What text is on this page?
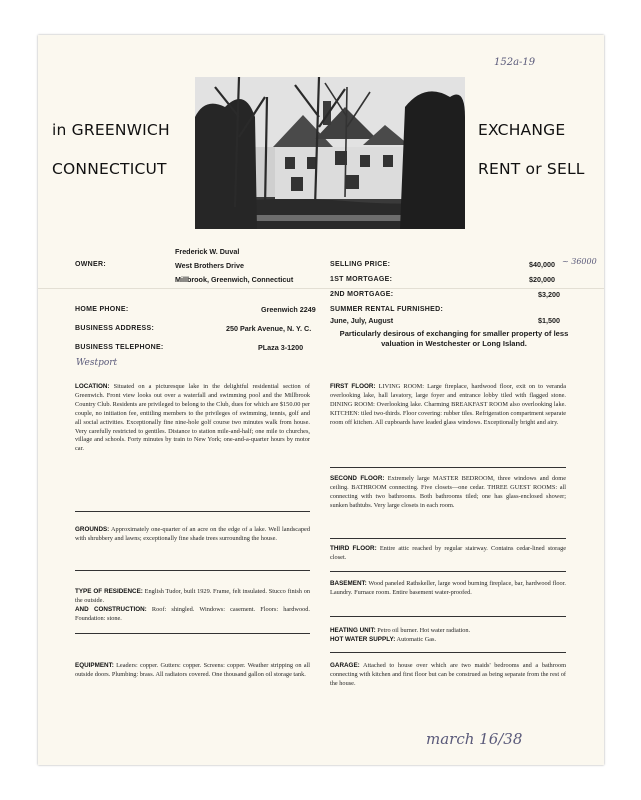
in GREENWICH
CONNECTICUT
EXCHANGE
RENT or SELL
152a-19
OWNER:
Frederick W. Duval
West Brothers Drive
Millbrook, Greenwich, Connecticut
HOME PHONE:	Greenwich 2249
BUSINESS ADDRESS:	250 Park Avenue, N. Y. C.
BUSINESS TELEPHONE:	PLaza 3-1200
Westport
SELLING PRICE:	$40,000 ~ 36000
1ST MORTGAGE:	$20,000
2ND MORTGAGE:	$3,200
SUMMER RENTAL FURNISHED:
June, July, August	$1,500
Particularly desirous of exchanging for smaller property of less valuation in Westchester or Long Island.
LOCATION: Situated on a picturesque lake in the delightful residential section of Greenwich. Front view looks out over a waterfall and swimming pool and the Millbrook Country Club. Residents are privileged to belong to the Club, dues for which are $150.00 per couple, no initiation fee, entitling members to the privileges of swimming, tennis, golf and all social activities. Exceptionally fine nine-hole golf course two minutes walk from house. Very carefully restricted to gentiles. Distance to station mile-and-half; one mile to churches, village and schools. Forty minutes by train to New York; one-and-a-quarter hours by motor car.
GROUNDS: Approximately one-quarter of an acre on the edge of a lake. Well landscaped with shrubbery and lawns; exceptionally fine shade trees surrounding the house.
TYPE OF RESIDENCE: English Tudor, built 1929. Frame, felt insulated. Stucco finish on the outside.
AND CONSTRUCTION: Roof: shingled. Windows: casement. Floors: hardwood. Foundation: stone.
EQUIPMENT: Leaders: copper. Gutters: copper. Screens: copper. Weather stripping on all outside doors. Plumbing: brass. All radiators covered. One thousand gallon oil storage tank.
FIRST FLOOR: LIVING ROOM: Large fireplace, hardwood floor, exit on to veranda overlooking lake, hall lavatory, large foyer and entrance lobby tiled with flagged stone. DINING ROOM: Overlooking lake. Charming BREAKFAST ROOM also overlooking lake. KITCHEN: tiled two-thirds. Floor covering: rubber tiles. Refrigeration compartment separate room off kitchen. All cupboards have leaded glass windows. Exceptionally bright and airy.
SECOND FLOOR: Extremely large MASTER BEDROOM, three windows and dome ceiling. BATHROOM connecting. Five closets—one cedar. THREE GUEST ROOMS: all connecting with two bathrooms. Both bathrooms tiled; one has glass-enclosed shower; sunken bathtubs. Very large closets in each room.
THIRD FLOOR: Entire attic reached by regular stairway. Contains cedar-lined storage closet.
BASEMENT: Wood paneled Rathskeller, large wood burning fireplace, bar, hardwood floor. Laundry. Furnace room. Entire basement water-proofed.
HEATING UNIT: Petro oil burner. Hot water radiation.
HOT WATER SUPPLY: Automatic Gas.
GARAGE: Attached to house over which are two maids' bedrooms and a bathroom connecting with kitchen and first floor but can be construed as being separate from the rest of the house.
march 16/38
